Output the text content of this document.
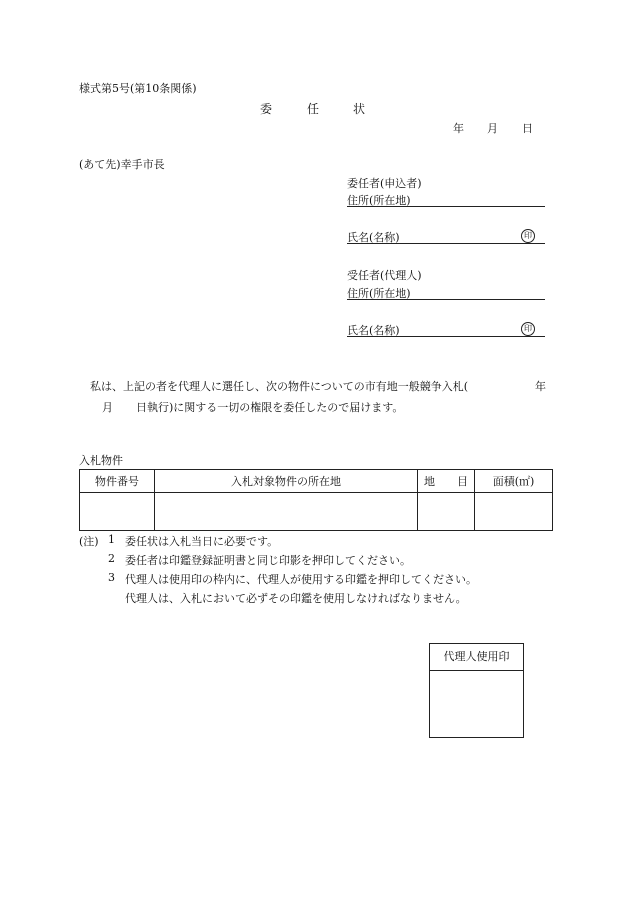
様式第5号(第10条関係)
委	任	状
年 月 日
(あて先)幸手市長
委任者(申込者)
住所(所在地)
氏名(名称)	印
受任者(代理人)
住所(所在地)
氏名(名称)	印
私は、上記の者を代理人に選任し、次の物件についての市有地一般競争入札(	年
月 日執行)に関する一切の権限を委任したので届けます。
入札物件
物件番号	入札対象物件の所在地	地　　目	面積(㎡)

(注) 1 委任状は入札当日に必要です。
2 委任者は印鑑登録証明書と同じ印影を押印してください。
3 代理人は使用印の枠内に、代理人が使用する印鑑を押印してください。
代理人は、入札において必ずその印鑑を使用しなければなりません。
代理人使用印
